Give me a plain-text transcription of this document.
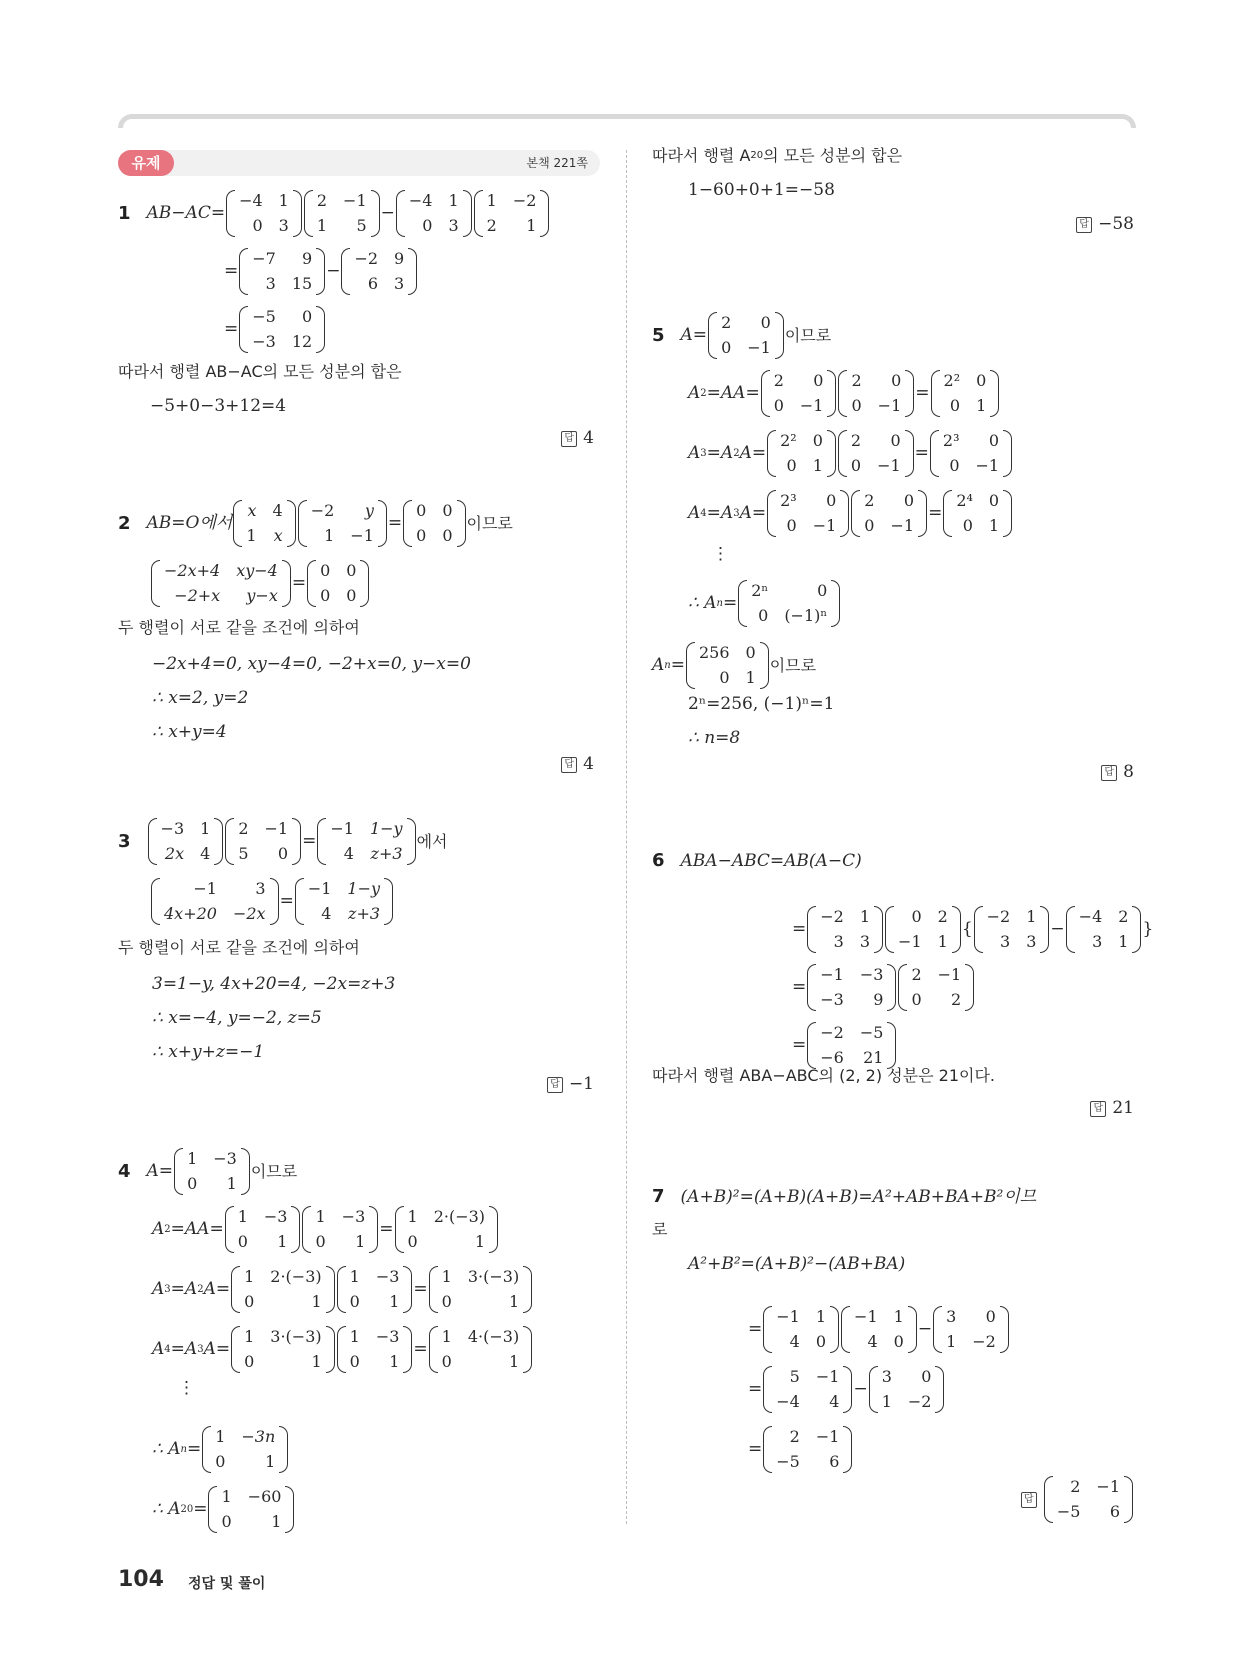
유제	본책 221쪽
1 AB−AC=
−4 1
0 3
2 −1
1	5
−
−4 1
0 3
1 −2
2	1
=
−7	9
3 15
−
−2 9
6 3
=
−5	0
−3 12
따라서 행렬 AB−AC의 모든 성분의 합은
−5+0−3+12=4
답 4
2 AB=O에서
x 4
1 x
−2	y
1 −1
=
0 0
0 0
이므로
−2x+4 xy−4
−2+x	y−x
=
0 0
0 0
두 행렬이 서로 같을 조건에 의하여
−2x+4=0, xy−4=0, −2+x=0, y−x=0
∴ x=2, y=2
∴ x+y=4
답 4
3
−3 1
2x 4
2 −1
5	0
=
−1 1−y
4 z+3
에서
−1	3
4x+20 −2x
=
−1 1−y
4 z+3
두 행렬이 서로 같을 조건에 의하여
3=1−y, 4x+20=4, −2x=z+3
∴ x=−4, y=−2, z=5
∴ x+y+z=−1
답 −1
4 A=
1 −3
0	1
이므로
A 2 =AA=
1 −3
0	1
1 −3
0	1
=
1 2·(−3)
0	1
A 3 =A 2 A=
1 2·(−3)
0	1
1 −3
0	1
=
1 3·(−3)
0	1
A 4 =A 3 A=
1 3·(−3)
0	1
1 −3
0	1
=
1 4·(−3)
0	1
⋮
∴ A n =
1 −3n
0	1
∴ A 20 =
1 −60
0	1
따라서 행렬 A 20 의 모든 성분의 합은
1−60+0+1=−58
답 −58
5 A=
2	0
0 −1
이므로
A 2 =AA=
2	0
0 −1
2	0
0 −1
=
2² 0
0 1
A 3 =A 2 A=
2² 0
0 1
2	0
0 −1
=
2³	0
0 −1
A 4 =A 3 A=
2³	0
0 −1
2	0
0 −1
=
2⁴ 0
0 1
⋮
∴ A n =
2ⁿ	0
0 (−1)ⁿ
A n =
256 0
0 1
이므로
2ⁿ=256, (−1)ⁿ=1
∴ n=8
답 8
6 ABA−ABC=AB(A−C)
=
−2 1
3 3
0 2
−1 1
{
−2 1
3 3
−
−4 2
3 1
}
=
−1 −3
−3	9
2 −1
0	2
=
−2 −5
−6 21
따라서 행렬 ABA−ABC의 (2, 2) 성분은 21이다.
답 21
7 (A+B)²=(A+B)(A+B)=A²+AB+BA+B²이므
로
A²+B²=(A+B)²−(AB+BA)
=
−1 1
4 0
−1 1
4 0
−
3	0
1 −2
=
5 −1
−4	4
−
3	0
1 −2
=
2 −1
−5	6
답
2 −1
−5	6
104 정답 및 풀이
